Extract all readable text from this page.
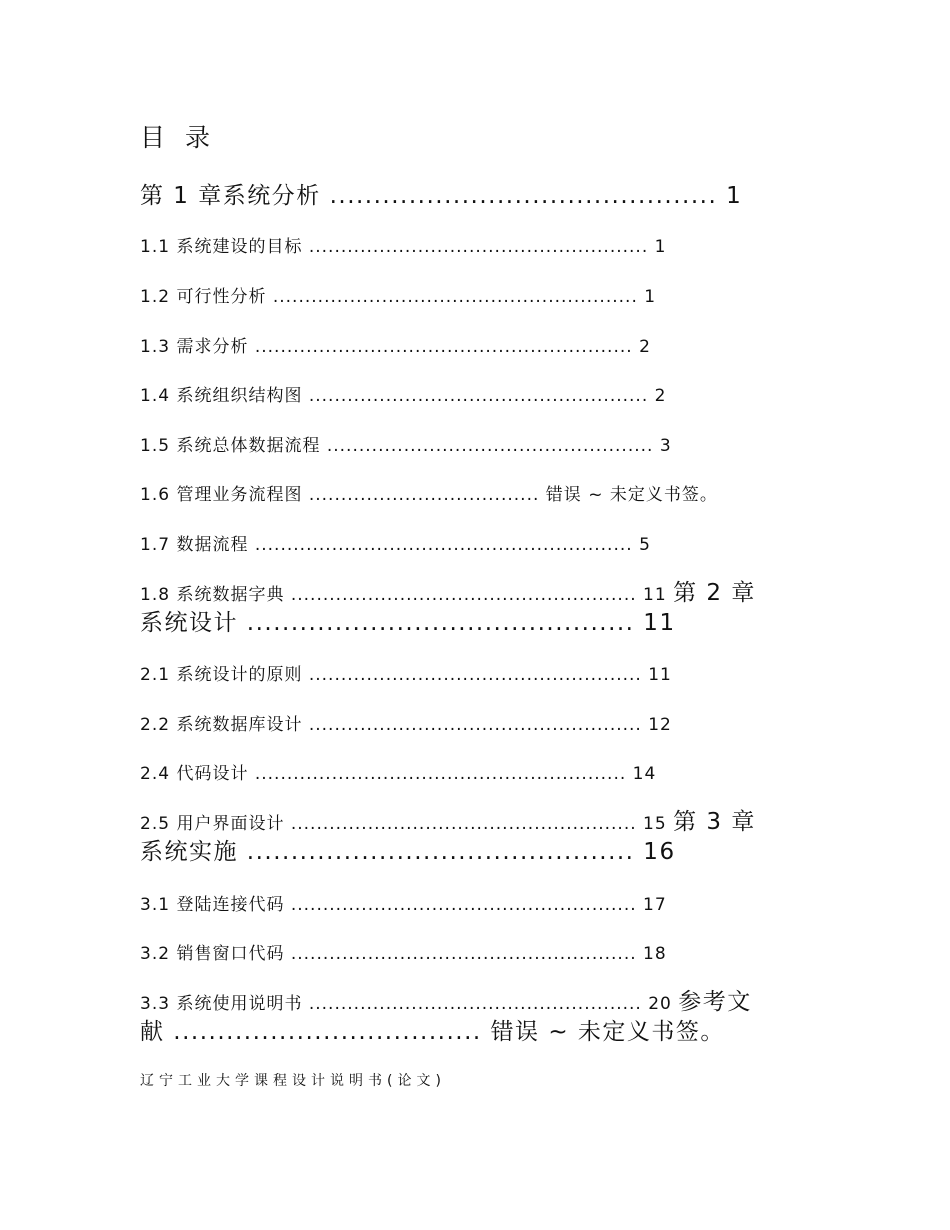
目 录
第 1 章系统分析 ............................................ 1
1.1 系统建设的目标 ..................................................... 1
1.2 可行性分析 ......................................................... 1
1.3 需求分析 ........................................................... 2
1.4 系统组织结构图 ..................................................... 2
1.5 系统总体数据流程 ................................................... 3
1.6 管理业务流程图 .................................... 错误 ~ 未定义书签。
1.7 数据流程 ........................................................... 5
1.8 系统数据字典 ...................................................... 11 第 2 章
系统设计 ............................................ 11
2.1 系统设计的原则 .................................................... 11
2.2 系统数据库设计 .................................................... 12
2.4 代码设计 .......................................................... 14
2.5 用户界面设计 ...................................................... 15 第 3 章
系统实施 ............................................ 16
3.1 登陆连接代码 ...................................................... 17
3.2 销售窗口代码 ...................................................... 18
3.3 系统使用说明书 .................................................... 20 参考文
献 ................................... 错误 ~ 未定义书签。
辽宁工业大学课程设计说明书(论文)
